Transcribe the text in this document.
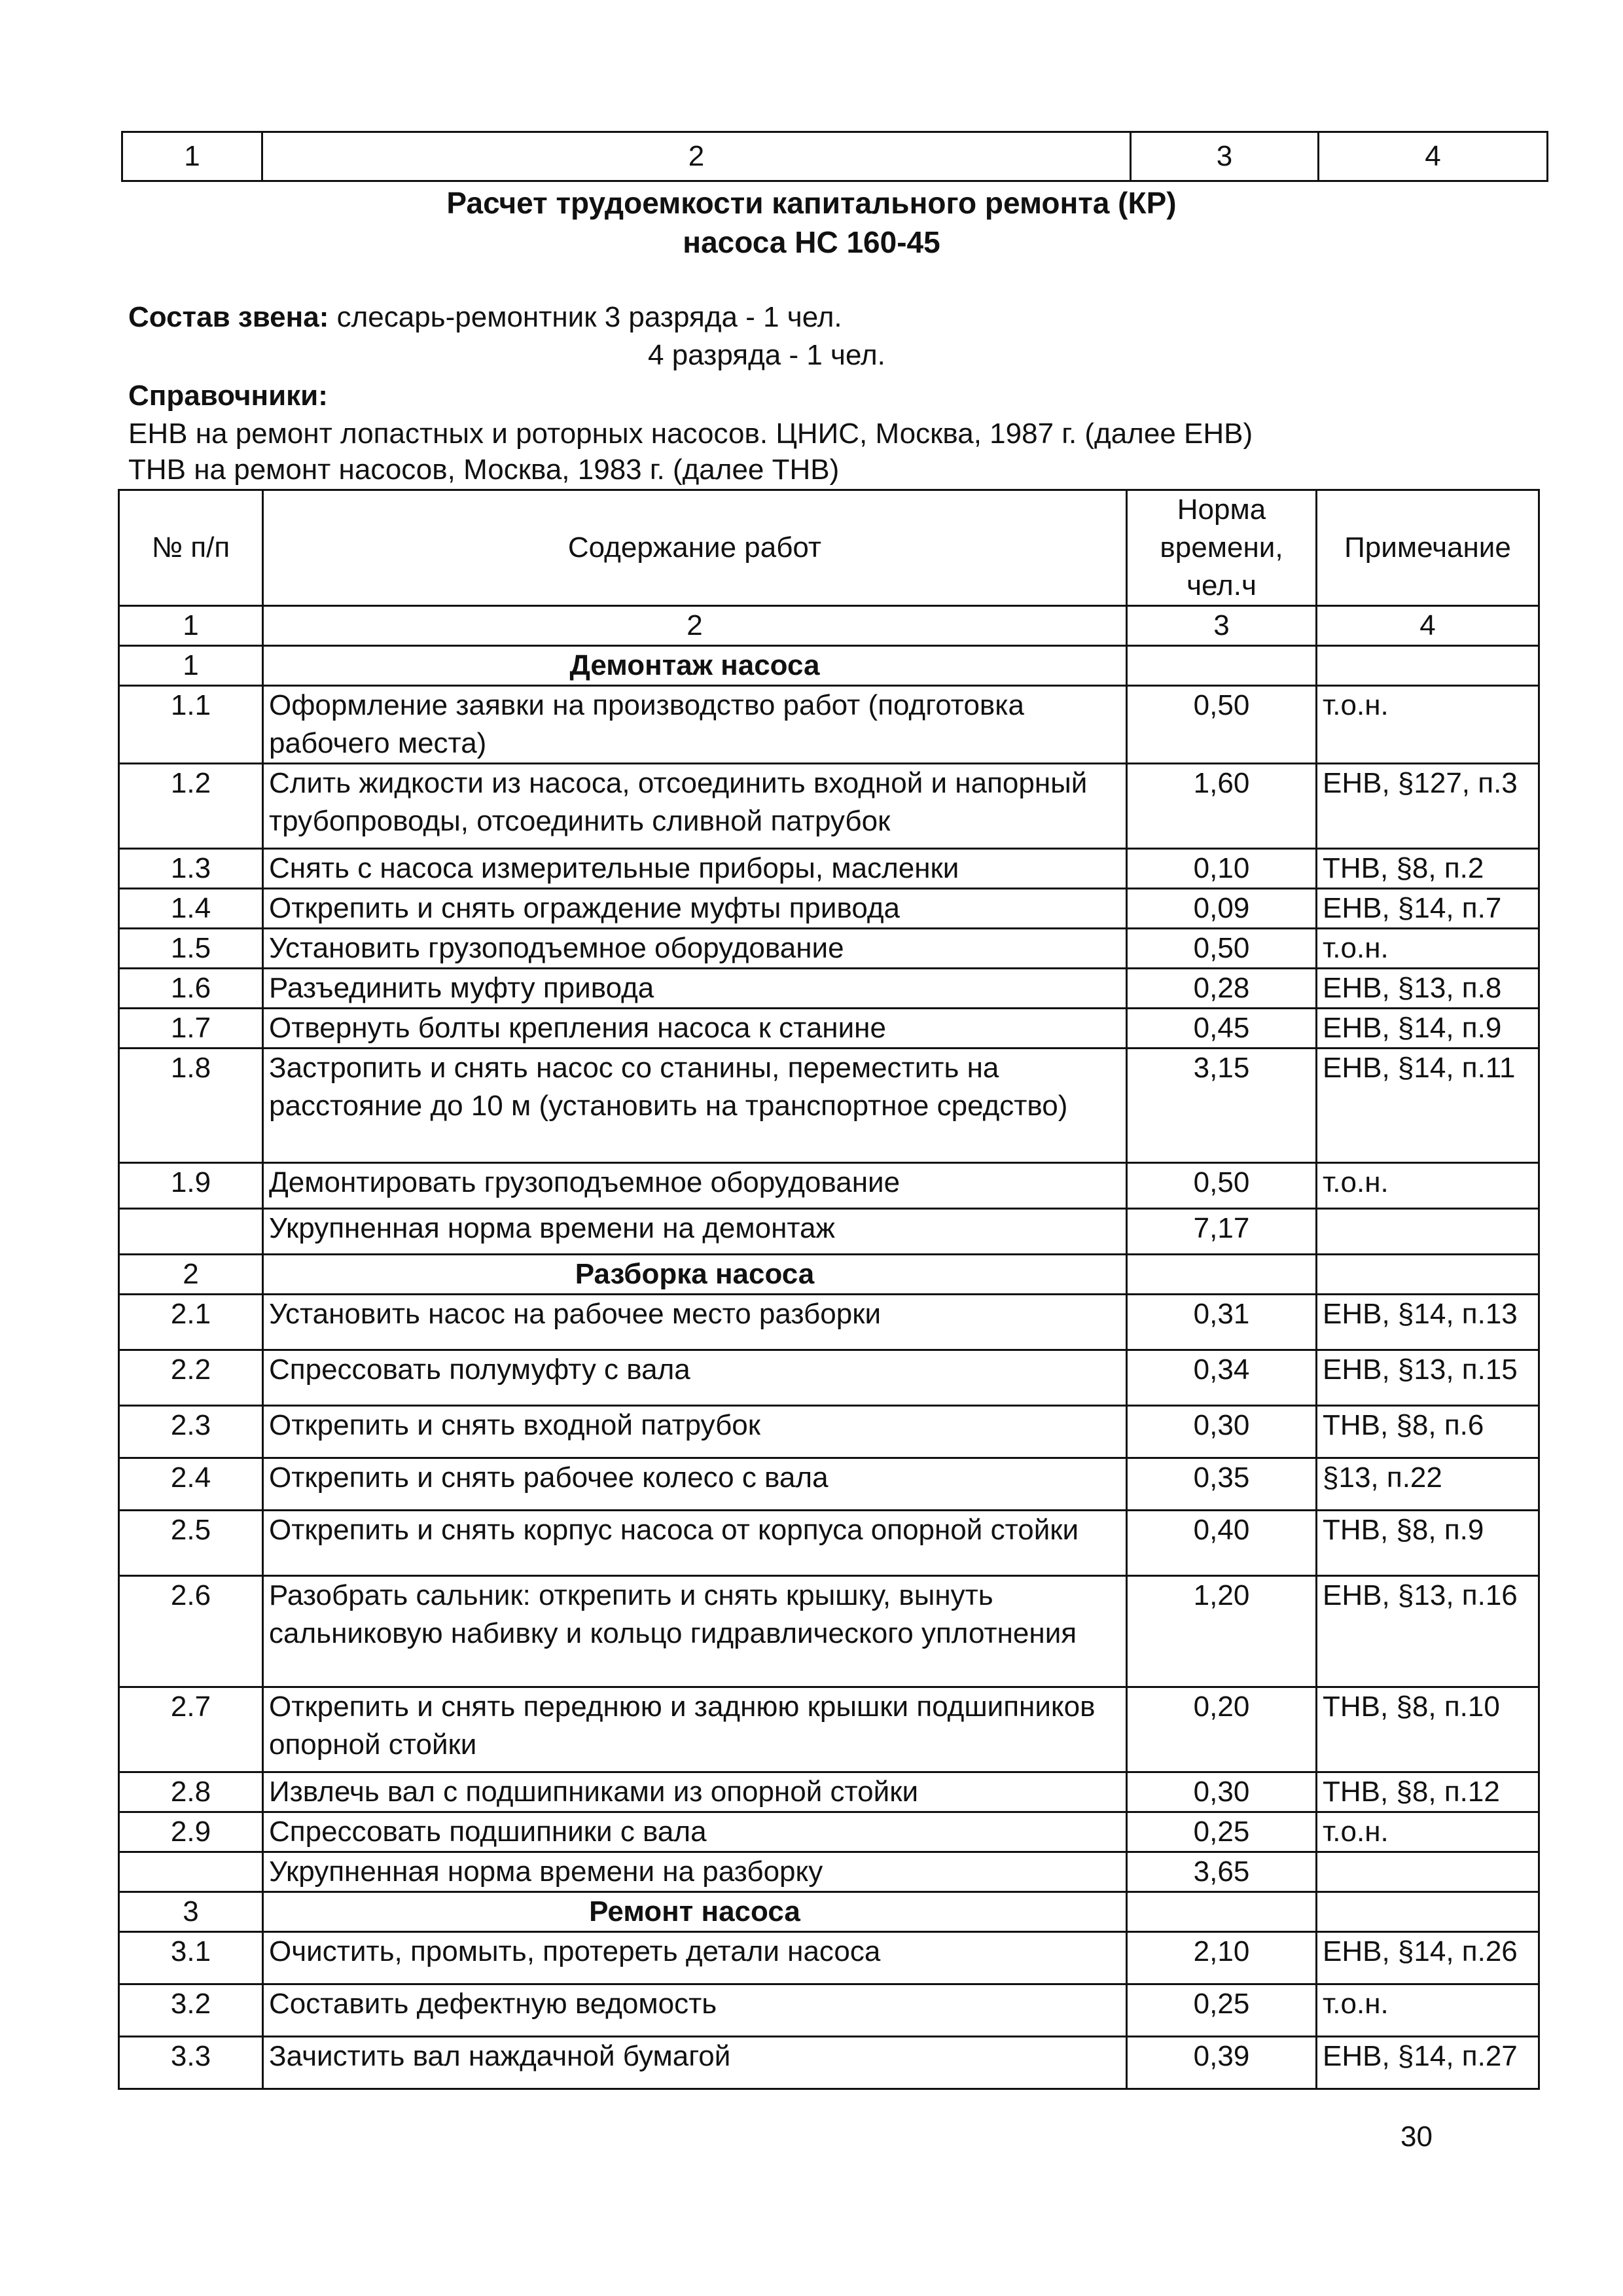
1	2	3	4
Расчет трудоемкости капитального ремонта (КР)
насоса НС 160-45
Состав звена: слесарь-ремонтник 3 разряда - 1 чел.
4 разряда - 1 чел.
Справочники:
ЕНВ на ремонт лопастных и роторных насосов. ЦНИС, Москва, 1987 г. (далее ЕНВ)
ТНВ на ремонт насосов, Москва, 1983 г. (далее ТНВ)
№ п/п	Содержание работ	Норма времени, чел.ч	Примечание
1	2	3	4
1	Демонтаж насоса		
1.1	Оформление заявки на производство работ (подготовка рабочего места)	0,50	т.о.н.
1.2	Слить жидкости из насоса, отсоединить входной и напорный трубопроводы, отсоединить сливной патрубок	1,60	ЕНВ, §127, п.3
1.3	Снять с насоса измерительные приборы, масленки	0,10	ТНВ, §8, п.2
1.4	Открепить и снять ограждение муфты привода	0,09	ЕНВ, §14, п.7
1.5	Установить грузоподъемное оборудование	0,50	т.о.н.
1.6	Разъединить муфту привода	0,28	ЕНВ, §13, п.8
1.7	Отвернуть болты крепления насоса к станине	0,45	ЕНВ, §14, п.9
1.8	Застропить и снять насос со станины, переместить на расстояние до 10 м (установить на транспортное средство)	3,15	ЕНВ, §14, п.11
1.9	Демонтировать грузоподъемное оборудование	0,50	т.о.н.
	Укрупненная норма времени на демонтаж	7,17	
2	Разборка насоса		
2.1	Установить насос на рабочее место разборки	0,31	ЕНВ, §14, п.13
2.2	Спрессовать полумуфту с вала	0,34	ЕНВ, §13, п.15
2.3	Открепить и снять входной патрубок	0,30	ТНВ, §8, п.6
2.4	Открепить и снять рабочее колесо с вала	0,35	§13, п.22
2.5	Открепить и снять корпус насоса от корпуса опорной стойки	0,40	ТНВ, §8, п.9
2.6	Разобрать сальник: открепить и снять крышку, вынуть сальниковую набивку и кольцо гидравлического уплотнения	1,20	ЕНВ, §13, п.16
2.7	Открепить и снять переднюю и заднюю крышки подшипников опорной стойки	0,20	ТНВ, §8, п.10
2.8	Извлечь вал с подшипниками из опорной стойки	0,30	ТНВ, §8, п.12
2.9	Спрессовать подшипники с вала	0,25	т.о.н.
	Укрупненная норма времени на разборку	3,65	
3	Ремонт насоса		
3.1	Очистить, промыть, протереть детали насоса	2,10	ЕНВ, §14, п.26
3.2	Составить дефектную ведомость	0,25	т.о.н.
3.3	Зачистить вал наждачной бумагой	0,39	ЕНВ, §14, п.27
30
